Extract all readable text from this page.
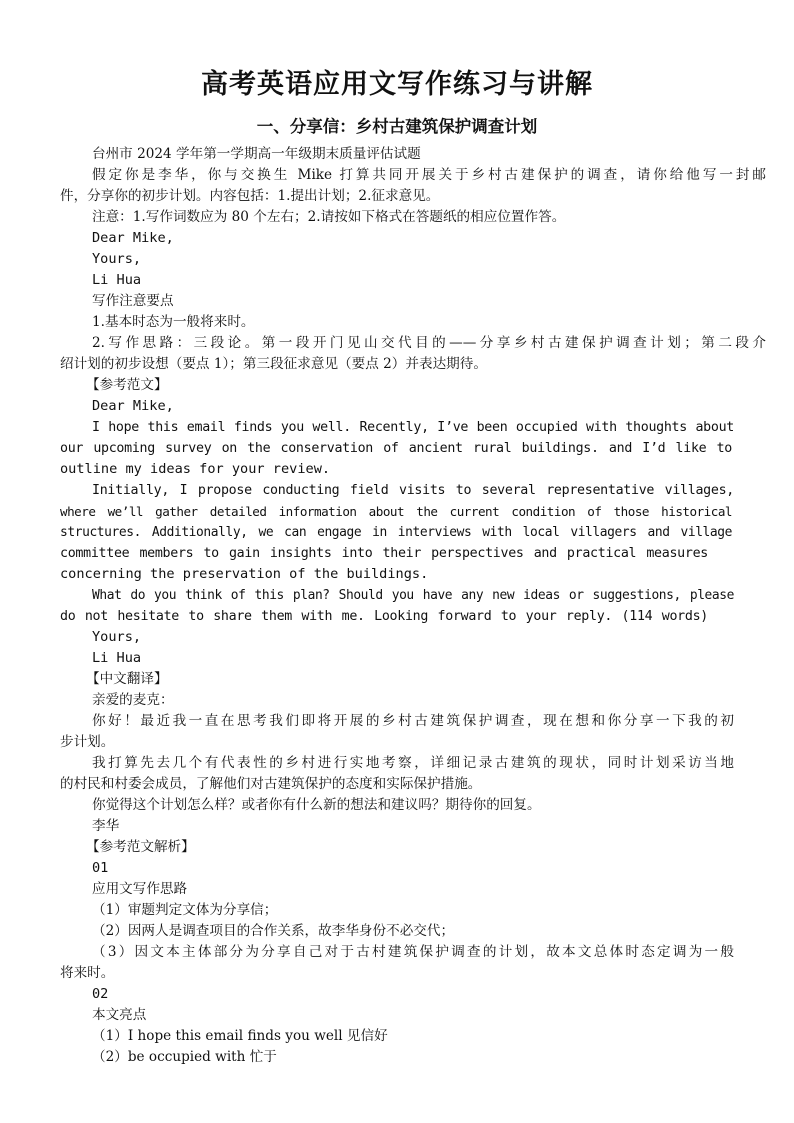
高考英语应用文写作练习与讲解
一、分享信：乡村古建筑保护调查计划
台州市 2024 学年第一学期高一年级期末质量评估试题
假定你是李华，你与交换生 Mike 打算共同开展关于乡村古建保护的调查，请你给他写一封邮
件，分享你的初步计划。内容包括：1.提出计划；2.征求意见。
注意：1.写作词数应为 80 个左右；2.请按如下格式在答题纸的相应位置作答。
Dear Mike,
Yours,
Li Hua
写作注意要点
1.基本时态为一般将来时。
2.写作思路：三段论。第一段开门见山交代目的——分享乡村古建保护调查计划；第二段介
绍计划的初步设想（要点 1）；第三段征求意见（要点 2）并表达期待。
【参考范文】
Dear Mike,
I hope this email finds you well. Recently, I’ve been occupied with thoughts about
our upcoming survey on the conservation of ancient rural buildings. and I’d like to
outline my ideas for your review.
Initially, I propose conducting field visits to several representative villages,
where we’ll gather detailed information about the current condition of those historical
structures. Additionally, we can engage in interviews with local villagers and village
committee members to gain insights into their perspectives and practical measures
concerning the preservation of the buildings.
What do you think of this plan? Should you have any new ideas or suggestions, please
do not hesitate to share them with me. Looking forward to your reply. (114 words)
Yours,
Li Hua
【中文翻译】
亲爱的麦克：
你好！最近我一直在思考我们即将开展的乡村古建筑保护调查，现在想和你分享一下我的初
步计划。
我打算先去几个有代表性的乡村进行实地考察，详细记录古建筑的现状，同时计划采访当地
的村民和村委会成员，了解他们对古建筑保护的态度和实际保护措施。
你觉得这个计划怎么样？或者你有什么新的想法和建议吗？期待你的回复。
李华
【参考范文解析】
01
应用文写作思路
（1）审题判定文体为分享信；
（2）因两人是调查项目的合作关系，故李华身份不必交代；
（3）因文本主体部分为分享自己对于古村建筑保护调查的计划，故本文总体时态定调为一般
将来时。
02
本文亮点
（1）I hope this email finds you well 见信好
（2）be occupied with 忙于
